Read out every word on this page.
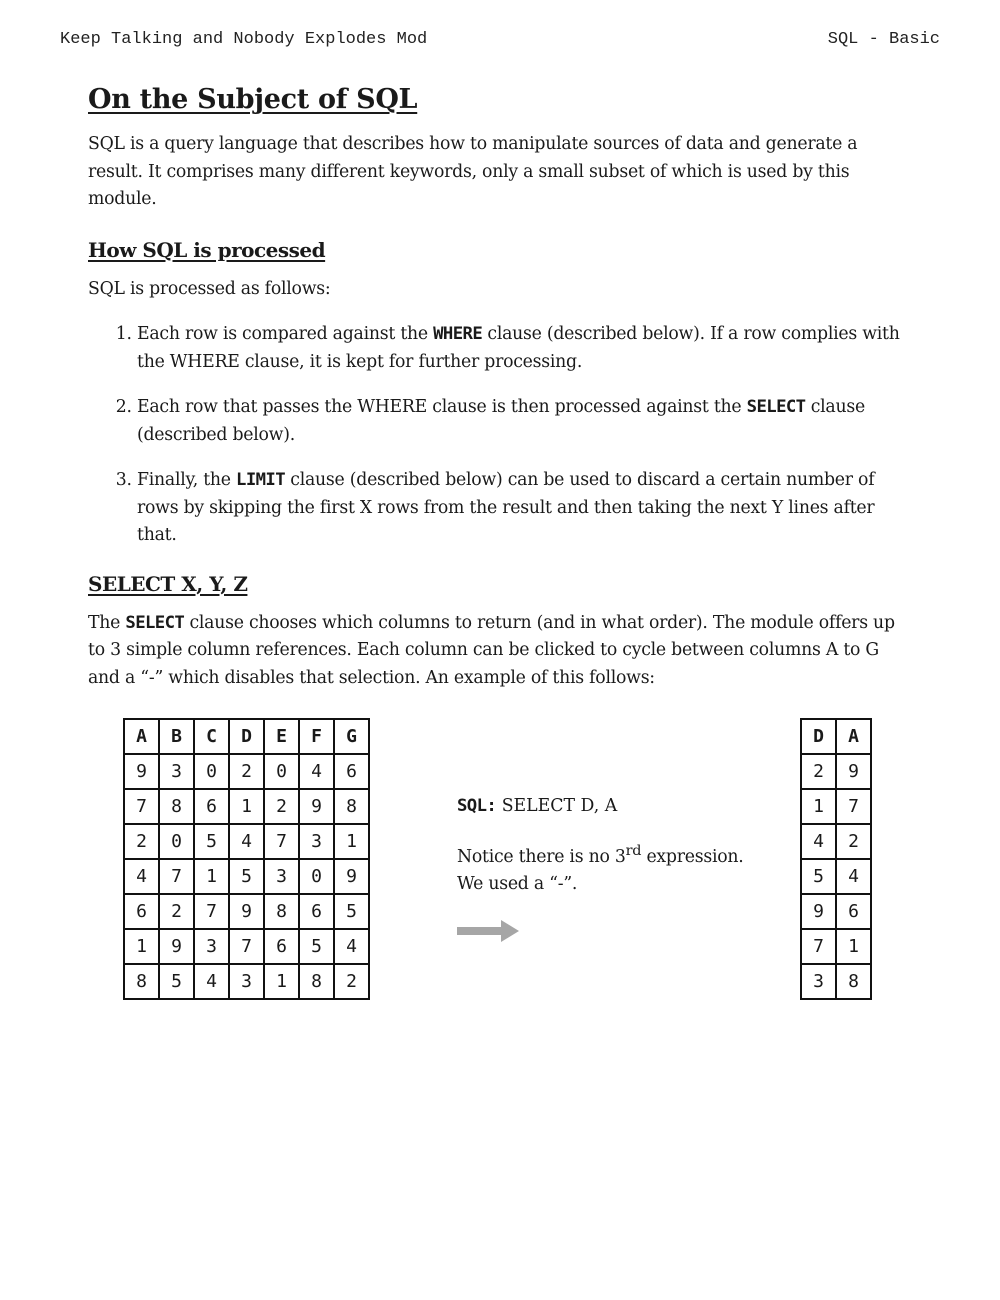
Keep Talking and Nobody Explodes Mod	SQL - Basic
On the Subject of SQL

SQL is a query language that describes how to manipulate sources of data and generate a result. It comprises many different keywords, only a small subset of which is used by this module.

How SQL is processed

SQL is processed as follows:

1. Each row is compared against the WHERE clause (described below). If a row complies with the WHERE clause, it is kept for further processing.
2. Each row that passes the WHERE clause is then processed against the SELECT clause (described below).
3. Finally, the LIMIT clause (described below) can be used to discard a certain number of rows by skipping the first X rows from the result and then taking the next Y lines after that.
SELECT X, Y, Z

The SELECT clause chooses which columns to return (and in what order). The module offers up to 3 simple column references. Each column can be clicked to cycle between columns A to G and a “-” which disables that selection. An example of this follows:

A	B	C	D	E	F	G
9	3	0	2	0	4	6
7	8	6	1	2	9	8
2	0	5	4	7	3	1
4	7	1	5	3	0	9
6	2	7	9	8	6	5
1	9	3	7	6	5	4
8	5	4	3	1	8	2
SQL: SELECT D, A
Notice there is no 3rd expression. We used a “-”.
D	A
2	9
1	7
4	2
5	4
9	6
7	1
3	8
